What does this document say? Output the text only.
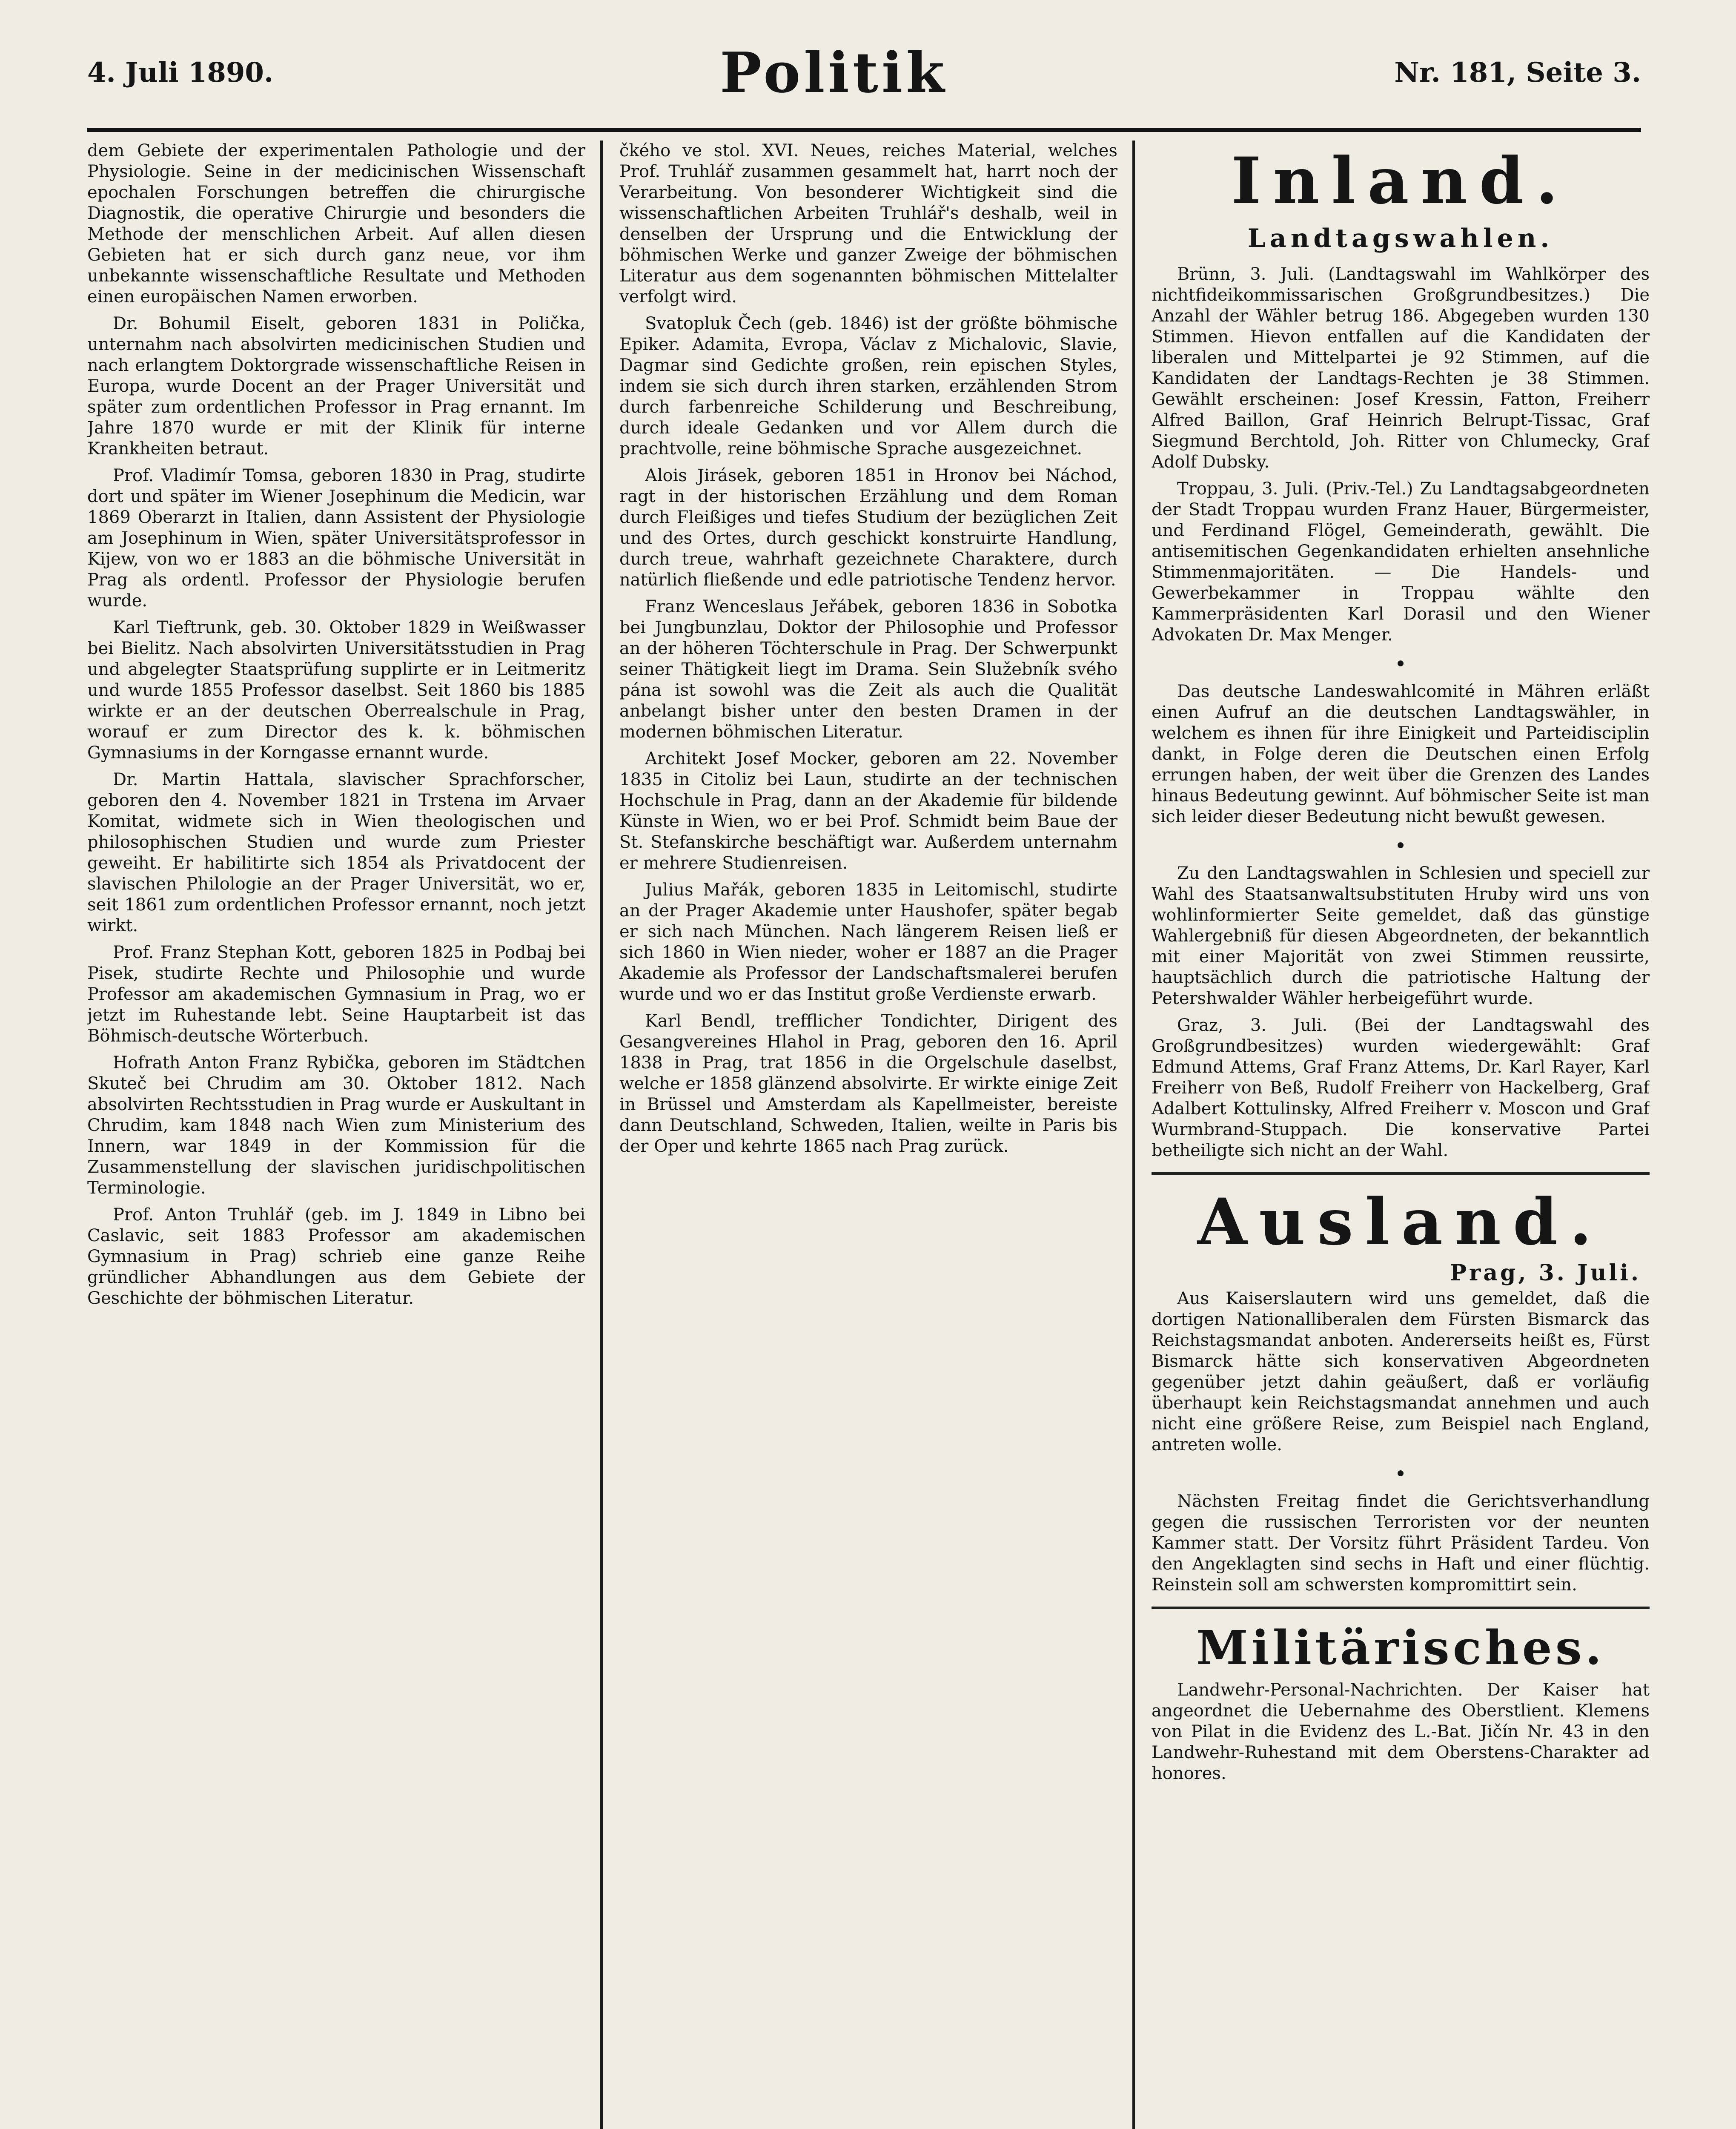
4. Juli 1890.	Politik	Nr. 181, Seite 3.

dem Gebiete der experimentalen Pathologie und der Physiologie. Seine in der medicinischen Wissenschaft epochalen Forschungen betreffen die chirurgische Diagnostik, die operative Chirurgie und besonders die Methode der menschlichen Arbeit. Auf allen diesen Gebieten hat er sich durch ganz neue, vor ihm unbekannte wissenschaftliche Resultate und Methoden einen europäischen Namen erworben.

Dr. Bohumil Eiselt, geboren 1831 in Polička, unternahm nach absolvirten medicinischen Studien und nach erlangtem Doktorgrade wissenschaftliche Reisen in Europa, wurde Docent an der Prager Universität und später zum ordentlichen Professor in Prag ernannt. Im Jahre 1870 wurde er mit der Klinik für interne Krankheiten betraut.

Prof. Vladimír Tomsa, geboren 1830 in Prag, studirte dort und später im Wiener Josephinum die Medicin, war 1869 Oberarzt in Italien, dann Assistent der Physiologie am Josephinum in Wien, später Universitätsprofessor in Kijew, von wo er 1883 an die böhmische Universität in Prag als ordentl. Professor der Physiologie berufen wurde.

Karl Tieftrunk, geb. 30. Oktober 1829 in Weißwasser bei Bielitz. Nach absolvirten Universitätsstudien in Prag und abgelegter Staatsprüfung supplirte er in Leitmeritz und wurde 1855 Professor daselbst. Seit 1860 bis 1885 wirkte er an der deutschen Oberrealschule in Prag, worauf er zum Director des k. k. böhmischen Gymnasiums in der Korngasse ernannt wurde.

Dr. Martin Hattala, slavischer Sprachforscher, geboren den 4. November 1821 in Trstena im Arvaer Komitat, widmete sich in Wien theologischen und philosophischen Studien und wurde zum Priester geweiht. Er habilitirte sich 1854 als Privatdocent der slavischen Philologie an der Prager Universität, wo er, seit 1861 zum ordentlichen Professor ernannt, noch jetzt wirkt.

Prof. Franz Stephan Kott, geboren 1825 in Podbaj bei Pisek, studirte Rechte und Philosophie und wurde Professor am akademischen Gymnasium in Prag, wo er jetzt im Ruhestande lebt. Seine Hauptarbeit ist das Böhmisch-deutsche Wörterbuch.

Hofrath Anton Franz Rybička, geboren im Städtchen Skuteč bei Chrudim am 30. Oktober 1812. Nach absolvirten Rechtsstudien in Prag wurde er Auskultant in Chrudim, kam 1848 nach Wien zum Ministerium des Innern, war 1849 in der Kommission für die Zusammenstellung der slavischen juridischpolitischen Terminologie.

Prof. Anton Truhlář (geb. im J. 1849 in Libno bei Caslavic, seit 1883 Professor am akademischen Gymnasium in Prag) schrieb eine ganze Reihe gründlicher Abhandlungen aus dem Gebiete der Geschichte der böhmischen Literatur.

čkého ve stol. XVI. Neues, reiches Material, welches Prof. Truhlář zusammen gesammelt hat, harrt noch der Verarbeitung. Von besonderer Wichtigkeit sind die wissenschaftlichen Arbeiten Truhlář's deshalb, weil in denselben der Ursprung und die Entwicklung der böhmischen Werke und ganzer Zweige der böhmischen Literatur aus dem sogenannten böhmischen Mittelalter verfolgt wird.

Svatopluk Čech (geb. 1846) ist der größte böhmische Epiker. Adamita, Evropa, Václav z Michalovic, Slavie, Dagmar sind Gedichte großen, rein epischen Styles, indem sie sich durch ihren starken, erzählenden Strom durch farbenreiche Schilderung und Beschreibung, durch ideale Gedanken und vor Allem durch die prachtvolle, reine böhmische Sprache ausgezeichnet.

Alois Jirásek, geboren 1851 in Hronov bei Náchod, ragt in der historischen Erzählung und dem Roman durch Fleißiges und tiefes Studium der bezüglichen Zeit und des Ortes, durch geschickt konstruirte Handlung, durch treue, wahrhaft gezeichnete Charaktere, durch natürlich fließende und edle patriotische Tendenz hervor.

Franz Wenceslaus Jeřábek, geboren 1836 in Sobotka bei Jungbunzlau, Doktor der Philosophie und Professor an der höheren Töchterschule in Prag. Der Schwerpunkt seiner Thätigkeit liegt im Drama. Sein Služebník svého pána ist sowohl was die Zeit als auch die Qualität anbelangt bisher unter den besten Dramen in der modernen böhmischen Literatur.

Architekt Josef Mocker, geboren am 22. November 1835 in Citoliz bei Laun, studirte an der technischen Hochschule in Prag, dann an der Akademie für bildende Künste in Wien, wo er bei Prof. Schmidt beim Baue der St. Stefanskirche beschäftigt war. Außerdem unternahm er mehrere Studienreisen.

Julius Mařák, geboren 1835 in Leitomischl, studirte an der Prager Akademie unter Haushofer, später begab er sich nach München. Nach längerem Reisen ließ er sich 1860 in Wien nieder, woher er 1887 an die Prager Akademie als Professor der Landschaftsmalerei berufen wurde und wo er das Institut große Verdienste erwarb.

Karl Bendl, trefflicher Tondichter, Dirigent des Gesangvereines Hlahol in Prag, geboren den 16. April 1838 in Prag, trat 1856 in die Orgelschule daselbst, welche er 1858 glänzend absolvirte. Er wirkte einige Zeit in Brüssel und Amsterdam als Kapellmeister, bereiste dann Deutschland, Schweden, Italien, weilte in Paris bis der Oper und kehrte 1865 nach Prag zurück.

Inland.
Landtagswahlen.

Brünn, 3. Juli. (Landtagswahl im Wahlkörper des nichtfideikommissarischen Großgrundbesitzes.) Die Anzahl der Wähler betrug 186. Abgegeben wurden 130 Stimmen. Hievon entfallen auf die Kandidaten der liberalen und Mittelpartei je 92 Stimmen, auf die Kandidaten der Landtags-Rechten je 38 Stimmen. Gewählt erscheinen: Josef Kressin, Fatton, Freiherr Alfred Baillon, Graf Heinrich Belrupt-Tissac, Graf Siegmund Berchtold, Joh. Ritter von Chlumecky, Graf Adolf Dubsky.

Troppau, 3. Juli. (Priv.-Tel.) Zu Landtagsabgeordneten der Stadt Troppau wurden Franz Hauer, Bürgermeister, und Ferdinand Flögel, Gemeinderath, gewählt. Die antisemitischen Gegenkandidaten erhielten ansehnliche Stimmenmajoritäten. — Die Handels- und Gewerbekammer in Troppau wählte den Kammerpräsidenten Karl Dorasil und den Wiener Advokaten Dr. Max Menger.

•

Das deutsche Landeswahlcomité in Mähren erläßt einen Aufruf an die deutschen Landtagswähler, in welchem es ihnen für ihre Einigkeit und Parteidisciplin dankt, in Folge deren die Deutschen einen Erfolg errungen haben, der weit über die Grenzen des Landes hinaus Bedeutung gewinnt. Auf böhmischer Seite ist man sich leider dieser Bedeutung nicht bewußt gewesen.

•

Zu den Landtagswahlen in Schlesien und speciell zur Wahl des Staatsanwaltsubstituten Hruby wird uns von wohlinformierter Seite gemeldet, daß das günstige Wahlergebniß für diesen Abgeordneten, der bekanntlich mit einer Majorität von zwei Stimmen reussirte, hauptsächlich durch die patriotische Haltung der Petershwalder Wähler herbeigeführt wurde.

Graz, 3. Juli. (Bei der Landtagswahl des Großgrundbesitzes) wurden wiedergewählt: Graf Edmund Attems, Graf Franz Attems, Dr. Karl Rayer, Karl Freiherr von Beß, Rudolf Freiherr von Hackelberg, Graf Adalbert Kottulinsky, Alfred Freiherr v. Moscon und Graf Wurmbrand-Stuppach. Die konservative Partei betheiligte sich nicht an der Wahl.

Ausland.
Prag, 3. Juli.

Aus Kaiserslautern wird uns gemeldet, daß die dortigen Nationalliberalen dem Fürsten Bismarck das Reichstagsmandat anboten. Andererseits heißt es, Fürst Bismarck hätte sich konservativen Abgeordneten gegenüber jetzt dahin geäußert, daß er vorläufig überhaupt kein Reichstagsmandat annehmen und auch nicht eine größere Reise, zum Beispiel nach England, antreten wolle.

•

Nächsten Freitag findet die Gerichtsverhandlung gegen die russischen Terroristen vor der neunten Kammer statt. Der Vorsitz führt Präsident Tardeu. Von den Angeklagten sind sechs in Haft und einer flüchtig. Reinstein soll am schwersten kompromittirt sein.

Militärisches.

Landwehr-Personal-Nachrichten. Der Kaiser hat angeordnet die Uebernahme des Oberstlient. Klemens von Pilat in die Evidenz des L.-Bat. Jičín Nr. 43 in den Landwehr-Ruhestand mit dem Oberstens-Charakter ad honores.
